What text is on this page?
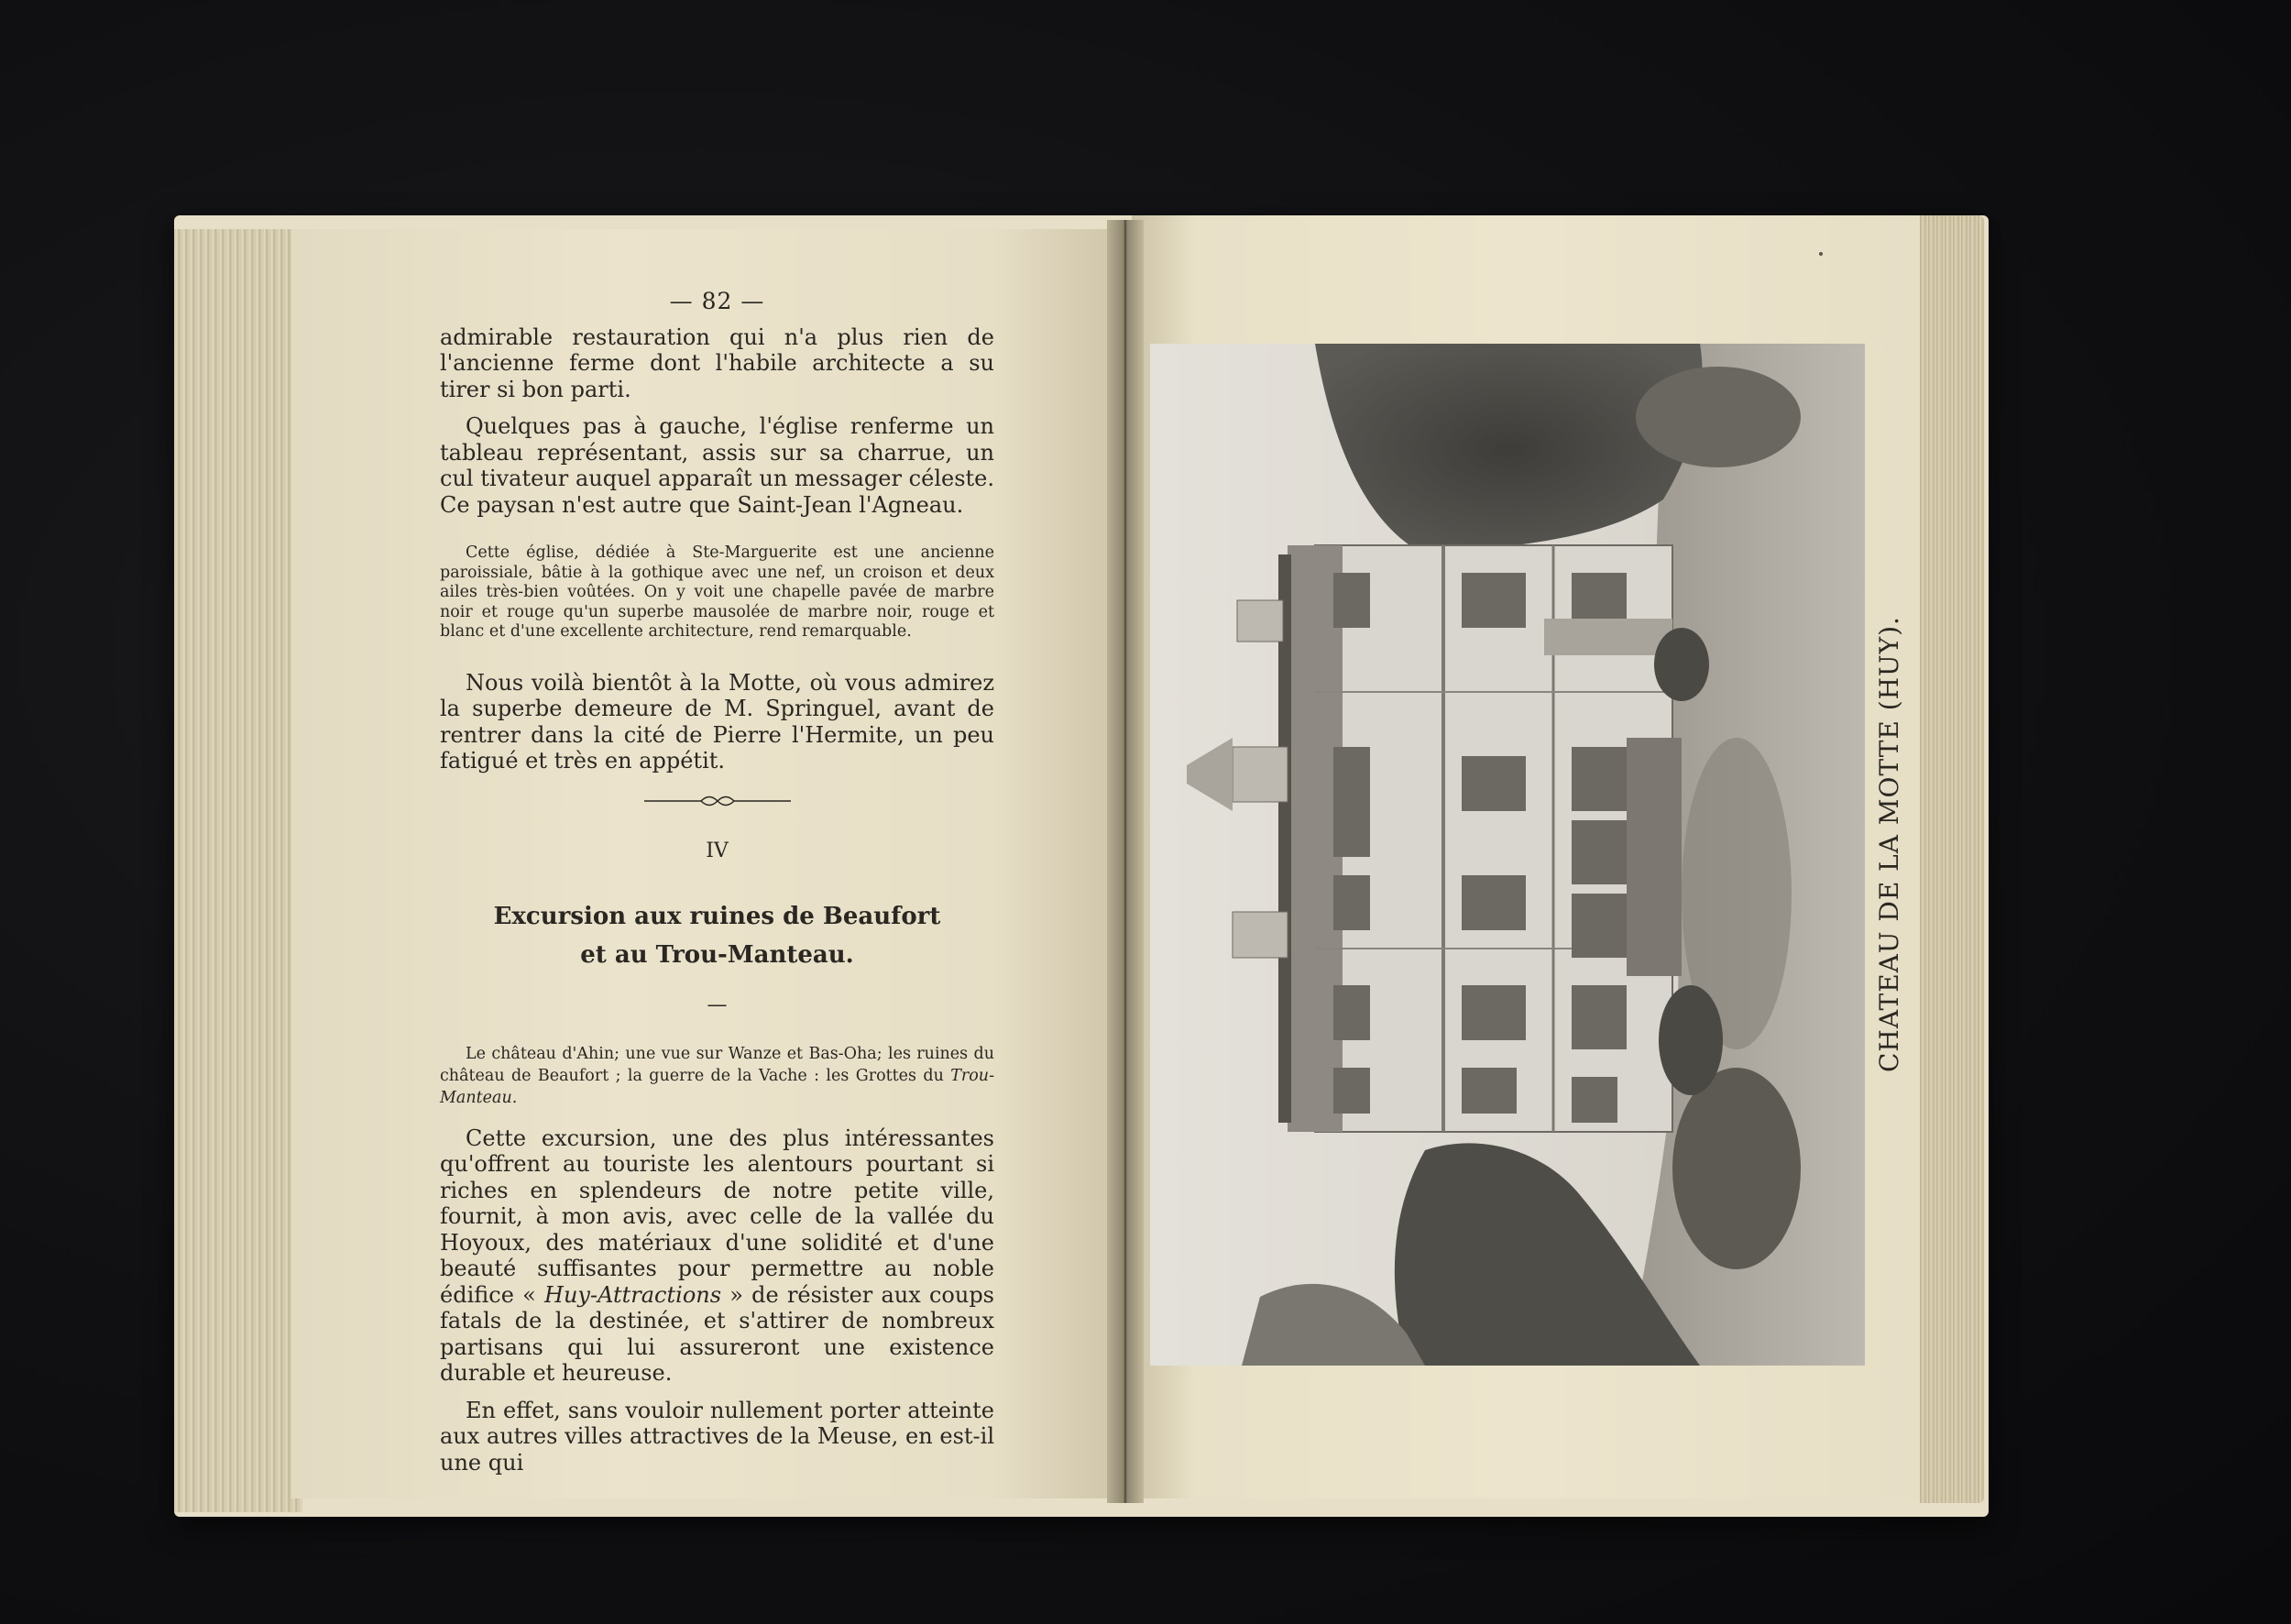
— 82 —

admirable restauration qui n'a plus rien de l'ancienne ferme dont l'habile architecte a su tirer si bon parti.

Quelques pas à gauche, l'église renferme un tableau représentant, assis sur sa charrue, un cul tivateur auquel apparaît un messager céleste. Ce paysan n'est autre que Saint-Jean l'Agneau.

Cette église, dédiée à Ste-Marguerite est une ancienne paroissiale, bâtie à la gothique avec une nef, un croison et deux ailes très-bien voûtées. On y voit une chapelle pavée de marbre noir et rouge qu'un superbe mausolée de marbre noir, rouge et blanc et d'une excellente architecture, rend remarquable.

Nous voilà bientôt à la Motte, où vous admirez la superbe demeure de M. Springuel, avant de rentrer dans la cité de Pierre l'Hermite, un peu fatigué et très en appétit.

IV
Excursion aux ruines de Beaufort
et au Trou-Manteau.
—

Le château d'Ahin; une vue sur Wanze et Bas-Oha; les ruines du château de Beaufort ; la guerre de la Vache : les Grottes du Trou-Manteau.

Cette excursion, une des plus intéressantes qu'offrent au touriste les alentours pourtant si riches en splendeurs de notre petite ville, fournit, à mon avis, avec celle de la vallée du Hoyoux, des matériaux d'une solidité et d'une beauté suffisantes pour permettre au noble édifice « Huy-Attractions » de résister aux coups fatals de la destinée, et s'attirer de nombreux partisans qui lui assureront une existence durable et heureuse.

En effet, sans vouloir nullement porter atteinte aux autres villes attractives de la Meuse, en est-il une qui

CHATEAU DE LA MOTTE (HUY).
